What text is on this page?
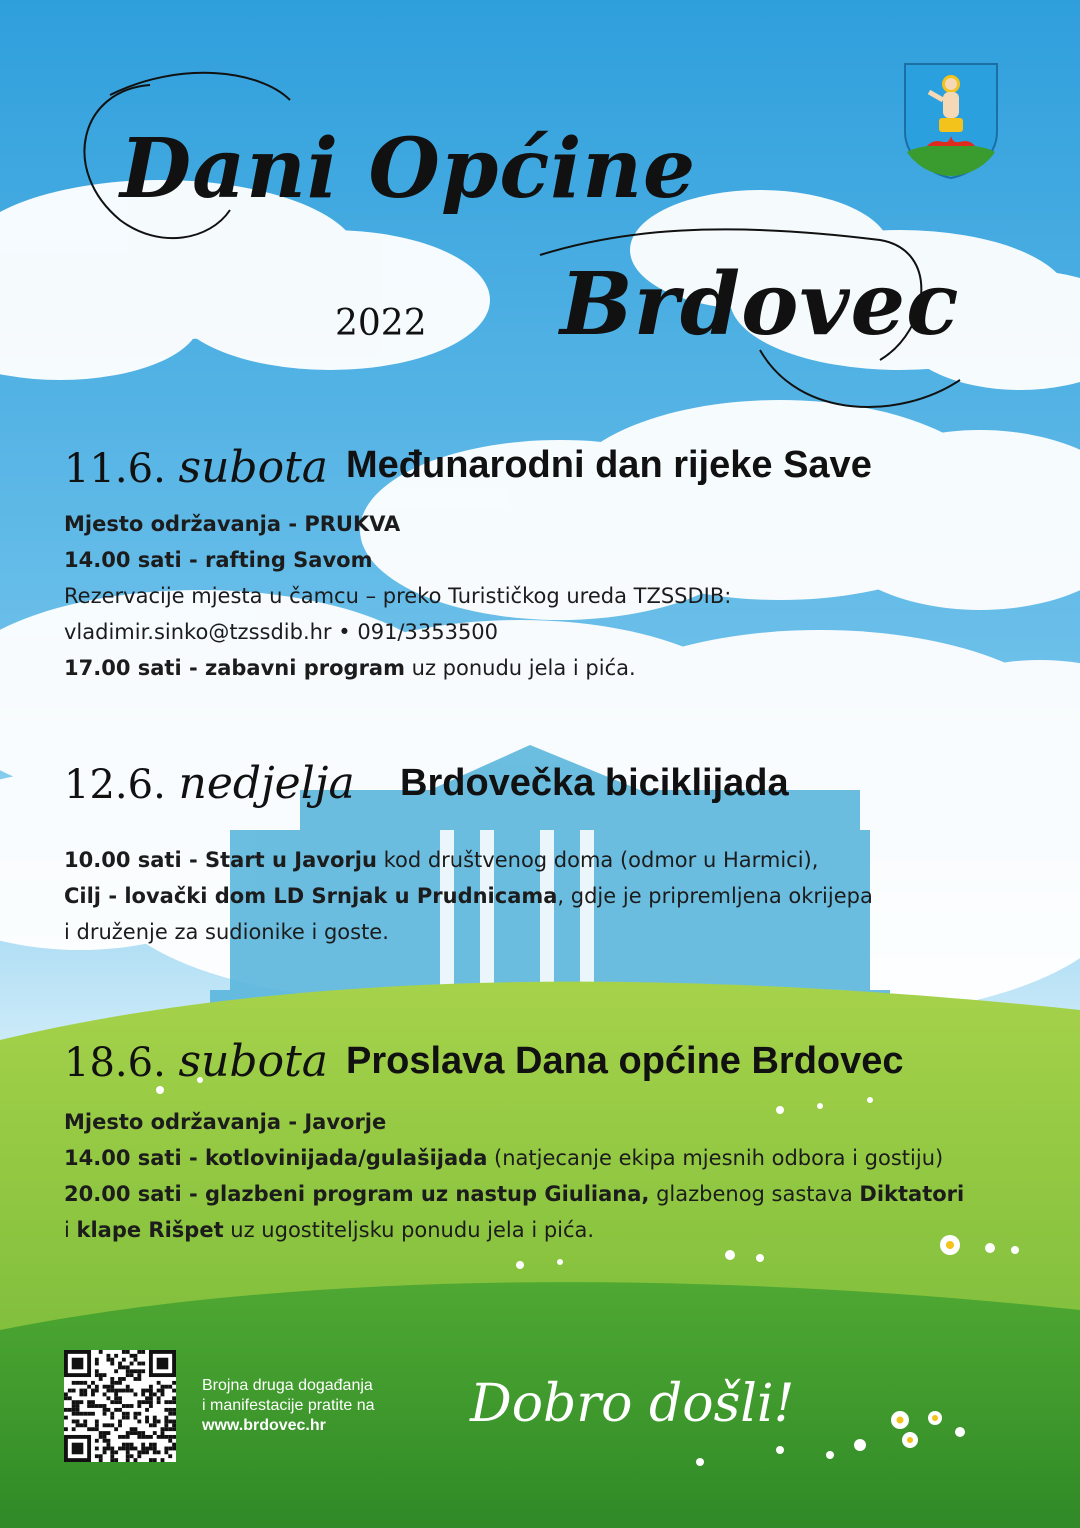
Dani Općine
Brdovec
2022
11.6. subota Međunarodni dan rijeke Save

Mjesto održavanja - PRUKVA

14.00 sati - rafting Savom

Rezervacije mjesta u čamcu – preko Turističkog ureda TZSSDIB:

vladimir.sinko@tzssdib.hr • 091/3353500

17.00 sati - zabavni program uz ponudu jela i pića.

12.6. nedjelja Brdovečka biciklijada

10.00 sati - Start u Javorju kod društvenog doma (odmor u Harmici),

Cilj - lovački dom LD Srnjak u Prudnicama, gdje je pripremljena okrijepa

i druženje za sudionike i goste.

18.6. subota Proslava Dana općine Brdovec

Mjesto održavanja - Javorje

14.00 sati - kotlovinijada/gulašijada (natjecanje ekipa mjesnih odbora i gostiju)

20.00 sati - glazbeni program uz nastup Giuliana, glazbenog sastava Diktatori

i klape Rišpet uz ugostiteljsku ponudu jela i pića.

Brojna druga događanja

i manifestacije pratite na

www.brdovec.hr	Dobro došli!
